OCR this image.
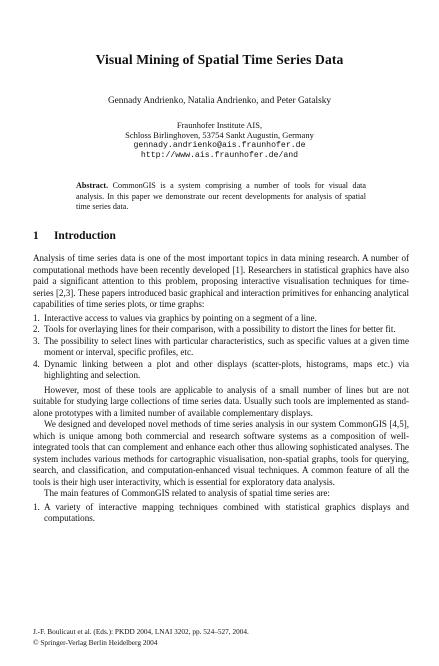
Visual Mining of Spatial Time Series Data
Gennady Andrienko, Natalia Andrienko, and Peter Gatalsky
Fraunhofer Institute AIS,
Schloss Birlinghoven, 53754 Sankt Augustin, Germany
gennady.andrienko@ais.fraunhofer.de
http://www.ais.fraunhofer.de/and
Abstract. CommonGIS is a system comprising a number of tools for visual data analysis. In this paper we demonstrate our recent developments for analysis of spatial time series data.
1 Introduction

Analysis of time series data is one of the most important topics in data mining research. A number of computational methods have been recently developed [1]. Researchers in statistical graphics have also paid a significant attention to this problem, proposing interactive visualisation techniques for time-series [2,3]. These papers introduced basic graphical and interaction primitives for enhancing analytical capabilities of time series plots, or time graphs:

1. Interactive access to values via graphics by pointing on a segment of a line.
2. Tools for overlaying lines for their comparison, with a possibility to distort the lines for better fit.
3. The possibility to select lines with particular characteristics, such as specific values at a given time moment or interval, specific profiles, etc.
4. Dynamic linking between a plot and other displays (scatter-plots, histograms, maps etc.) via highlighting and selection.

However, most of these tools are applicable to analysis of a small number of lines but are not suitable for studying large collections of time series data. Usually such tools are implemented as stand-alone prototypes with a limited number of available complementary displays.

We designed and developed novel methods of time series analysis in our system CommonGIS [4,5], which is unique among both commercial and research software systems as a composition of well-integrated tools that can complement and enhance each other thus allowing sophisticated analyses. The system includes various methods for cartographic visualisation, non-spatial graphs, tools for querying, search, and classification, and computation-enhanced visual techniques. A common feature of all the tools is their high user interactivity, which is essential for exploratory data analysis.

The main features of CommonGIS related to analysis of spatial time series are:

1. A variety of interactive mapping techniques combined with statistical graphics displays and computations.
J.-F. Boulicaut et al. (Eds.): PKDD 2004, LNAI 3202, pp. 524–527, 2004.
© Springer-Verlag Berlin Heidelberg 2004
